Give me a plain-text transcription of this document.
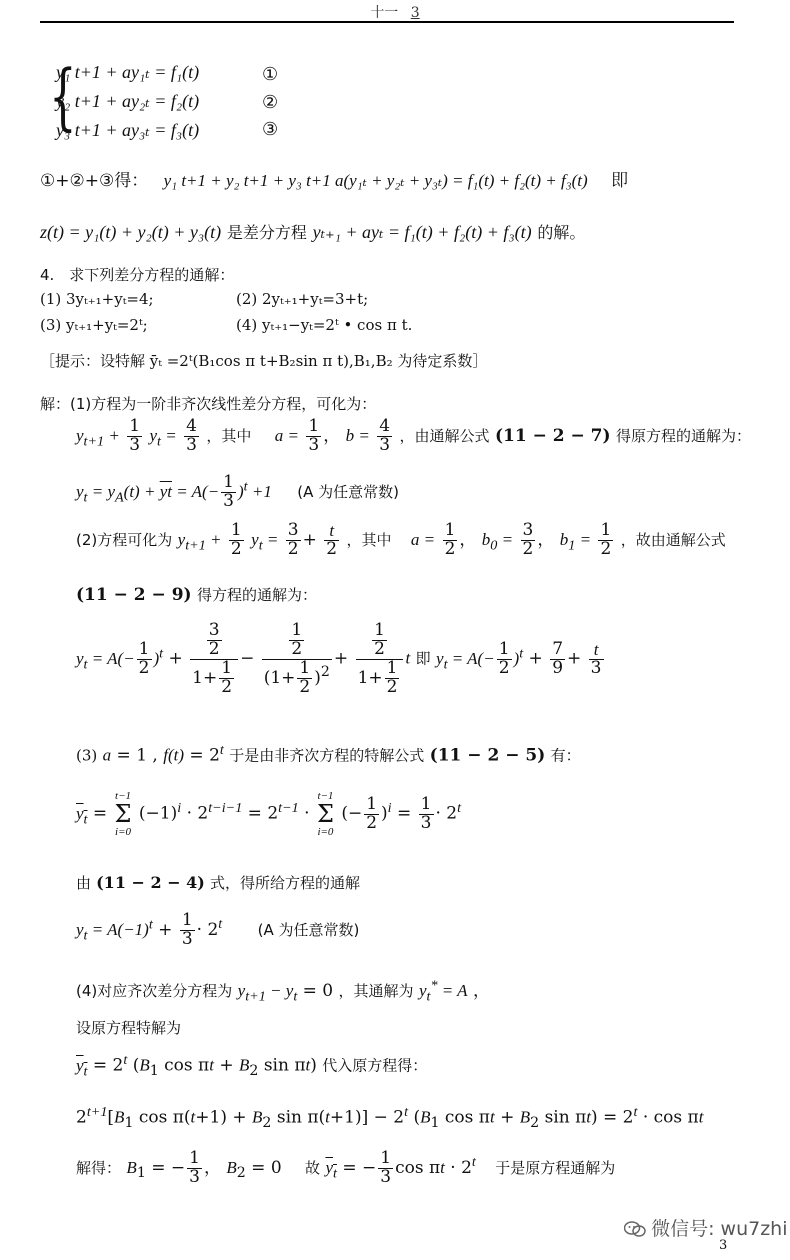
十一 3
{
y₁ t+1 + ay₁ₜ = f₁(t)
y₂ t+1 + ay₂ₜ = f₂(t)
y₃ t+1 + ay₃ₜ = f₃(t)
①
②
③
①+②+③得： y₁ t+1 + y₂ t+1 + y₃ t+1 a(y₁ₜ + y₂ₜ + y₃ₜ) = f₁(t) + f₂(t) + f₃(t) 即
z(t) = y₁(t) + y₂(t) + y₃(t) 是差分方程 yₜ₊₁ + ayₜ = f₁(t) + f₂(t) + f₃(t) 的解。
4.　求下列差分方程的通解：
(1) 3yₜ₊₁+yₜ=4;	(2) 2yₜ₊₁+yₜ=3+t;
(3) yₜ₊₁+yₜ=2ᵗ;	(4) yₜ₊₁−yₜ=2ᵗ • cos π t.
［提示：设特解 ȳₜ =2ᵗ(B₁cos π t+B₂sin π t),B₁,B₂ 为待定系数］
解：(1)方程为一阶非齐次线性差分方程，可化为：
$y_{t+1} + \frac{1}{3} y_t = \frac{4}{3}$ ，其中 $a = \frac{1}{3}$ ， $b = \frac{4}{3}$ ，由通解公式 (11 − 2 − 7) 得原方程的通解为：
$y_t = y_A(t) + \overline{yt} = A(- \frac{1}{3} )^t +1$ (A 为任意常数)
(2)方程可化为 $y_{t+1} + \frac{1}{2} y_t = \frac{3}{2} + \frac{t}{2}$ ，其中 $a = \frac{1}{2}$ ， $b_0 = \frac{3}{2}$ ， $b_1 = \frac{1}{2}$ ，故由通解公式
(11 − 2 − 9) 得方程的通解为：
$y_t = A(- \frac{1}{2} )^t + \frac{\frac{3}{2}}{1+ \frac{1}{2}} - \frac{\frac{1}{2}}{(1+ \frac{1}{2} )^2} + \frac{\frac{1}{2}}{1+ \frac{1}{2}}$ t 即 $y_t = A(- \frac{1}{2} )^t + \frac{7}{9} + \frac{t}{3}$
(3) a = 1 , $f(t) = 2^t$ 于是由非齐次方程的特解公式 (11 − 2 − 5) 有：
$y_t = t-1$
Σ
i=0 $(-1)^i \cdot 2^{t-i-1} = 2^{t-1} \cdot t-1$
Σ
i=0 (− $\frac{1}{2} )^i = \frac{1}{3} \cdot 2^t$
由 (11 − 2 − 4) 式，得所给方程的通解
$y_t = A(-1)^t + \frac{1}{3} \cdot 2^t$ (A 为任意常数)
(4)对应齐次差分方程为 $y_{t+1} - y_t = 0$ ，其通解为 $y_t^* = A$ ，
设原方程特解为
$y_t = 2^t$ ($B_1$ $\cos \pi t + B_2$ sin πt) 代入原方程得：
$2^{t+1}[B_1$ $\cos \pi(t+1) + B_2$ $\sin \pi(t+1)] - 2^t$ ($B_1$ $\cos \pi t + B_2$ $\sin \pi t) = 2^t \cdot \cos \pi t$
解得： $B_1$ = − $\frac{1}{3}$ ， $B_2 = 0$ 故 $y_t$ = − $\frac{1}{3}$ $\cos \pi t \cdot 2^t$ 于是原方程通解为
微信号: wu7zhi
3
